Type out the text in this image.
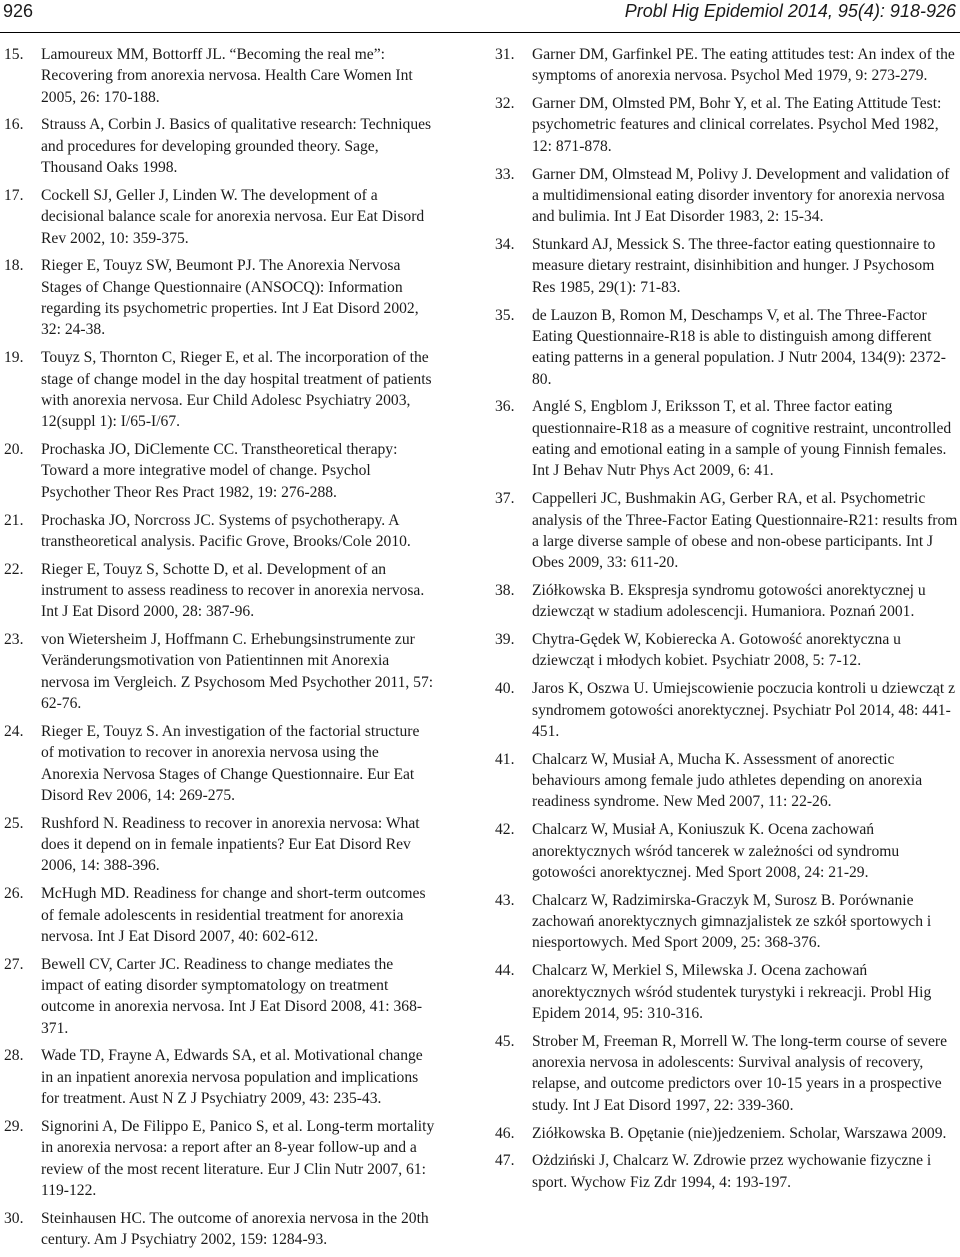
926	Probl Hig Epidemiol 2014, 95(4): 918-926
15. Lamoureux MM, Bottorff JL. “Becoming the real me”: Recovering from anorexia nervosa. Health Care Women Int 2005, 26: 170-188.
16. Strauss A, Corbin J. Basics of qualitative research: Techniques and procedures for developing grounded theory. Sage, Thousand Oaks 1998.
17. Cockell SJ, Geller J, Linden W. The development of a decisional balance scale for anorexia nervosa. Eur Eat Disord Rev 2002, 10: 359-375.
18. Rieger E, Touyz SW, Beumont PJ. The Anorexia Nervosa Stages of Change Questionnaire (ANSOCQ): Information regarding its psychometric properties. Int J Eat Disord 2002, 32: 24-38.
19. Touyz S, Thornton C, Rieger E, et al. The incorporation of the stage of change model in the day hospital treatment of patients with anorexia nervosa. Eur Child Adolesc Psychiatry 2003, 12(suppl 1): I/65-I/67.
20. Prochaska JO, DiClemente CC. Transtheoretical therapy: Toward a more integrative model of change. Psychol Psychother Theor Res Pract 1982, 19: 276-288.
21. Prochaska JO, Norcross JC. Systems of psychotherapy. A transtheoretical analysis. Pacific Grove, Brooks/Cole 2010.
22. Rieger E, Touyz S, Schotte D, et al. Development of an instrument to assess readiness to recover in anorexia nervosa. Int J Eat Disord 2000, 28: 387-96.
23. von Wietersheim J, Hoffmann C. Erhebungsinstrumente zur Veränderungsmotivation von Patientinnen mit Anorexia nervosa im Vergleich. Z Psychosom Med Psychother 2011, 57: 62-76.
24. Rieger E, Touyz S. An investigation of the factorial structure of motivation to recover in anorexia nervosa using the Anorexia Nervosa Stages of Change Questionnaire. Eur Eat Disord Rev 2006, 14: 269-275.
25. Rushford N. Readiness to recover in anorexia nervosa: What does it depend on in female inpatients? Eur Eat Disord Rev 2006, 14: 388-396.
26. McHugh MD. Readiness for change and short-term outcomes of female adolescents in residential treatment for anorexia nervosa. Int J Eat Disord 2007, 40: 602-612.
27. Bewell CV, Carter JC. Readiness to change mediates the impact of eating disorder symptomatology on treatment outcome in anorexia nervosa. Int J Eat Disord 2008, 41: 368-371.
28. Wade TD, Frayne A, Edwards SA, et al. Motivational change in an inpatient anorexia nervosa population and implications for treatment. Aust N Z J Psychiatry 2009, 43: 235-43.
29. Signorini A, De Filippo E, Panico S, et al. Long-term mortality in anorexia nervosa: a report after an 8-year follow-up and a review of the most recent literature. Eur J Clin Nutr 2007, 61: 119-122.
30. Steinhausen HC. The outcome of anorexia nervosa in the 20th century. Am J Psychiatry 2002, 159: 1284-93.
31. Garner DM, Garfinkel PE. The eating attitudes test: An index of the symptoms of anorexia nervosa. Psychol Med 1979, 9: 273-279.
32. Garner DM, Olmsted PM, Bohr Y, et al. The Eating Attitude Test: psychometric features and clinical correlates. Psychol Med 1982, 12: 871-878.
33. Garner DM, Olmstead M, Polivy J. Development and validation of a multidimensional eating disorder inventory for anorexia nervosa and bulimia. Int J Eat Disorder 1983, 2: 15-34.
34. Stunkard AJ, Messick S. The three-factor eating questionnaire to measure dietary restraint, disinhibition and hunger. J Psychosom Res 1985, 29(1): 71-83.
35. de Lauzon B, Romon M, Deschamps V, et al. The Three-Factor Eating Questionnaire-R18 is able to distinguish among different eating patterns in a general population. J Nutr 2004, 134(9): 2372-80.
36. Anglé S, Engblom J, Eriksson T, et al. Three factor eating questionnaire-R18 as a measure of cognitive restraint, uncontrolled eating and emotional eating in a sample of young Finnish females. Int J Behav Nutr Phys Act 2009, 6: 41.
37. Cappelleri JC, Bushmakin AG, Gerber RA, et al. Psychometric analysis of the Three-Factor Eating Questionnaire-R21: results from a large diverse sample of obese and non-obese participants. Int J Obes 2009, 33: 611-20.
38. Ziółkowska B. Ekspresja syndromu gotowości anorektycznej u dziewcząt w stadium adolescencji. Humaniora. Poznań 2001.
39. Chytra-Gędek W, Kobierecka A. Gotowość anorektyczna u dziewcząt i młodych kobiet. Psychiatr 2008, 5: 7-12.
40. Jaros K, Oszwa U. Umiejscowienie poczucia kontroli u dziewcząt z syndromem gotowości anorektycznej. Psychiatr Pol 2014, 48: 441-451.
41. Chalcarz W, Musiał A, Mucha K. Assessment of anorectic behaviours among female judo athletes depending on anorexia readiness syndrome. New Med 2007, 11: 22-26.
42. Chalcarz W, Musiał A, Koniuszuk K. Ocena zachowań anorektycznych wśród tancerek w zależności od syndromu gotowości anorektycznej. Med Sport 2008, 24: 21-29.
43. Chalcarz W, Radzimirska-Graczyk M, Surosz B. Porównanie zachowań anorektycznych gimnazjalistek ze szkół sportowych i niesportowych. Med Sport 2009, 25: 368-376.
44. Chalcarz W, Merkiel S, Milewska J. Ocena zachowań anorektycznych wśród studentek turystyki i rekreacji. Probl Hig Epidem 2014, 95: 310-316.
45. Strober M, Freeman R, Morrell W. The long-term course of severe anorexia nervosa in adolescents: Survival analysis of recovery, relapse, and outcome predictors over 10-15 years in a prospective study. Int J Eat Disord 1997, 22: 339-360.
46. Ziółkowska B. Opętanie (nie)jedzeniem. Scholar, Warszawa 2009.
47. Ożdziński J, Chalcarz W. Zdrowie przez wychowanie fizyczne i sport. Wychow Fiz Zdr 1994, 4: 193-197.
